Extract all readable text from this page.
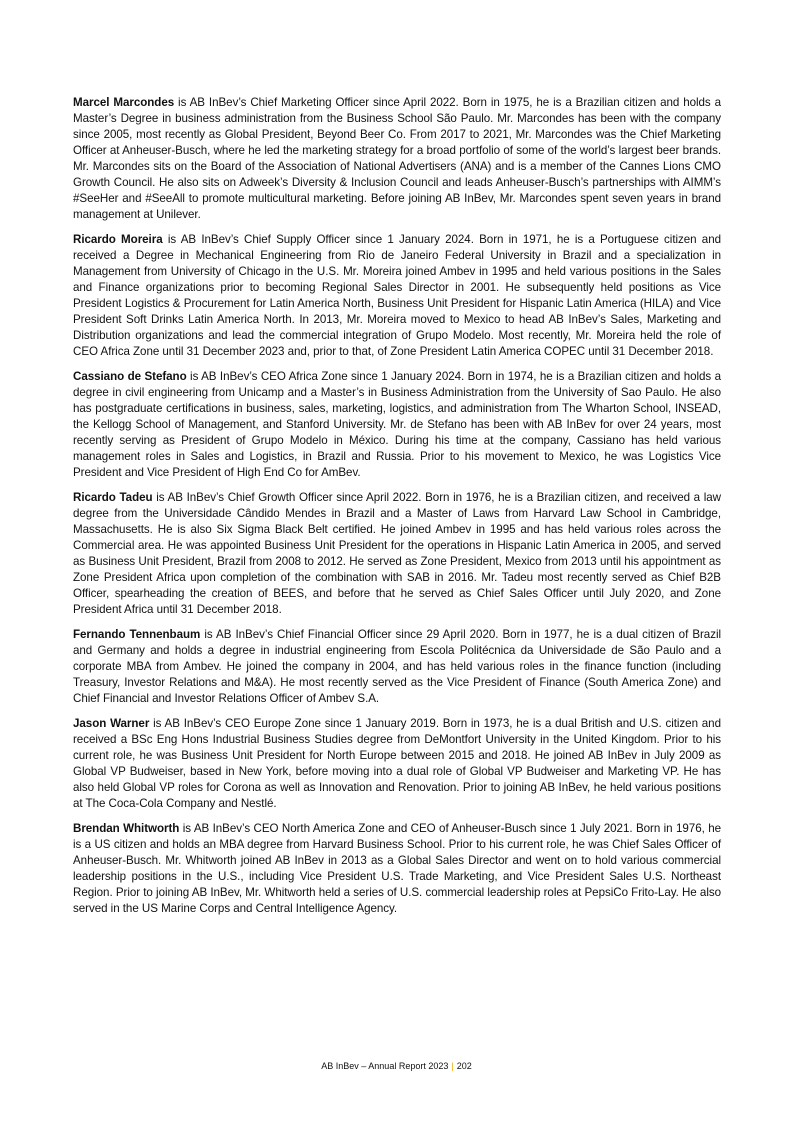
Marcel Marcondes is AB InBev’s Chief Marketing Officer since April 2022. Born in 1975, he is a Brazilian citizen and holds a Master’s Degree in business administration from the Business School São Paulo. Mr. Marcondes has been with the company since 2005, most recently as Global President, Beyond Beer Co. From 2017 to 2021, Mr. Marcondes was the Chief Marketing Officer at Anheuser-Busch, where he led the marketing strategy for a broad portfolio of some of the world’s largest beer brands. Mr. Marcondes sits on the Board of the Association of National Advertisers (ANA) and is a member of the Cannes Lions CMO Growth Council. He also sits on Adweek’s Diversity & Inclusion Council and leads Anheuser-Busch’s partnerships with AIMM’s #SeeHer and #SeeAll to promote multicultural marketing. Before joining AB InBev, Mr. Marcondes spent seven years in brand management at Unilever.

Ricardo Moreira is AB InBev’s Chief Supply Officer since 1 January 2024. Born in 1971, he is a Portuguese citizen and received a Degree in Mechanical Engineering from Rio de Janeiro Federal University in Brazil and a specialization in Management from University of Chicago in the U.S. Mr. Moreira joined Ambev in 1995 and held various positions in the Sales and Finance organizations prior to becoming Regional Sales Director in 2001. He subsequently held positions as Vice President Logistics & Procurement for Latin America North, Business Unit President for Hispanic Latin America (HILA) and Vice President Soft Drinks Latin America North. In 2013, Mr. Moreira moved to Mexico to head AB InBev’s Sales, Marketing and Distribution organizations and lead the commercial integration of Grupo Modelo. Most recently, Mr. Moreira held the role of CEO Africa Zone until 31 December 2023 and, prior to that, of Zone President Latin America COPEC until 31 December 2018.

Cassiano de Stefano is AB InBev’s CEO Africa Zone since 1 January 2024. Born in 1974, he is a Brazilian citizen and holds a degree in civil engineering from Unicamp and a Master’s in Business Administration from the University of Sao Paulo. He also has postgraduate certifications in business, sales, marketing, logistics, and administration from The Wharton School, INSEAD, the Kellogg School of Management, and Stanford University. Mr. de Stefano has been with AB InBev for over 24 years, most recently serving as President of Grupo Modelo in México. During his time at the company, Cassiano has held various management roles in Sales and Logistics, in Brazil and Russia. Prior to his movement to Mexico, he was Logistics Vice President and Vice President of High End Co for AmBev.

Ricardo Tadeu is AB InBev’s Chief Growth Officer since April 2022. Born in 1976, he is a Brazilian citizen, and received a law degree from the Universidade Cândido Mendes in Brazil and a Master of Laws from Harvard Law School in Cambridge, Massachusetts. He is also Six Sigma Black Belt certified. He joined Ambev in 1995 and has held various roles across the Commercial area. He was appointed Business Unit President for the operations in Hispanic Latin America in 2005, and served as Business Unit President, Brazil from 2008 to 2012. He served as Zone President, Mexico from 2013 until his appointment as Zone President Africa upon completion of the combination with SAB in 2016. Mr. Tadeu most recently served as Chief B2B Officer, spearheading the creation of BEES, and before that he served as Chief Sales Officer until July 2020, and Zone President Africa until 31 December 2018.

Fernando Tennenbaum is AB InBev’s Chief Financial Officer since 29 April 2020. Born in 1977, he is a dual citizen of Brazil and Germany and holds a degree in industrial engineering from Escola Politécnica da Universidade de São Paulo and a corporate MBA from Ambev. He joined the company in 2004, and has held various roles in the finance function (including Treasury, Investor Relations and M&A). He most recently served as the Vice President of Finance (South America Zone) and Chief Financial and Investor Relations Officer of Ambev S.A.

Jason Warner is AB InBev’s CEO Europe Zone since 1 January 2019. Born in 1973, he is a dual British and U.S. citizen and received a BSc Eng Hons Industrial Business Studies degree from DeMontfort University in the United Kingdom. Prior to his current role, he was Business Unit President for North Europe between 2015 and 2018. He joined AB InBev in July 2009 as Global VP Budweiser, based in New York, before moving into a dual role of Global VP Budweiser and Marketing VP. He has also held Global VP roles for Corona as well as Innovation and Renovation. Prior to joining AB InBev, he held various positions at The Coca-Cola Company and Nestlé.

Brendan Whitworth is AB InBev’s CEO North America Zone and CEO of Anheuser-Busch since 1 July 2021. Born in 1976, he is a US citizen and holds an MBA degree from Harvard Business School. Prior to his current role, he was Chief Sales Officer of Anheuser-Busch. Mr. Whitworth joined AB InBev in 2013 as a Global Sales Director and went on to hold various commercial leadership positions in the U.S., including Vice President U.S. Trade Marketing, and Vice President Sales U.S. Northeast Region. Prior to joining AB InBev, Mr. Whitworth held a series of U.S. commercial leadership roles at PepsiCo Frito-Lay. He also served in the US Marine Corps and Central Intelligence Agency.

AB InBev – Annual Report 2023 | 202
